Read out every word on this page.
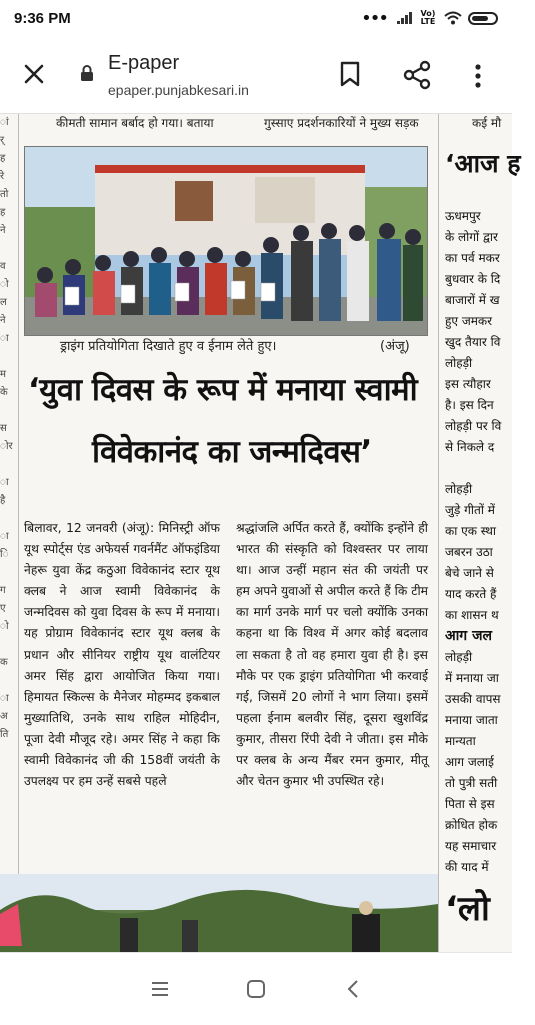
9:36 PM	•••	Vo) LTE
E-paper
epaper.punjabkesari.in
ां
र्
ह
रे
तो
ह
ने
व
ो
ल
ने
ा
म
के
स
ोर
ा
है
ा
ि
ग
ए
ो
क
ा
अ
ति
कीमती सामान बर्बाद हो गया। बताया	गुस्साए प्रदर्शनकारियों ने मुख्य सड़क	कई मौ
ड्राइंग प्रतियोगिता दिखाते हुए व ईनाम लेते हुए।	(अंजू)
‘युवा दिवस के रूप में मनाया स्वामी
विवेकानंद का जन्मदिवस’

बिलावर, 12 जनवरी (अंजू): मिनिस्ट्री ऑफ यूथ स्पोर्ट्स एंड अफेयर्स गवर्नमैंट ऑफइंडिया नेहरू युवा केंद्र कठुआ विवेकानंद स्टार यूथ क्लब ने आज स्वामी विवेकानंद के जन्मदिवस को युवा दिवस के रूप में मनाया। यह प्रोग्राम विवेकानंद स्टार यूथ क्लब के प्रधान और सीनियर राष्ट्रीय यूथ वालंटियर अमर सिंह द्वारा आयोजित किया गया। हिमायत स्किल्स के मैनेजर मोहम्मद इकबाल मुख्यातिथि, उनके साथ राहिल मोहिदीन, पूजा देवी मौजूद रहे। अमर सिंह ने कहा कि स्वामी विवेकानंद जी की 158वीं जयंती के उपलक्ष्य पर हम उन्हें सबसे पहले

श्रद्धांजलि अर्पित करते हैं, क्योंकि इन्होंने ही भारत की संस्कृति को विश्वस्तर पर लाया था। आज उन्हीं महान संत की जयंती पर हम अपने युवाओं से अपील करते हैं कि टीम का मार्ग उनके मार्ग पर चलो क्योंकि उनका कहना था कि विश्व में अगर कोई बदलाव ला सकता है तो वह हमारा युवा ही है। इस मौके पर एक ड्राइंग प्रतियोगिता भी करवाई गई, जिसमें 20 लोगों ने भाग लिया। इसमें पहला ईनाम बलवीर सिंह, दूसरा खुशविंद्र कुमार, तीसरा रिंपी देवी ने जीता। इस मौके पर क्लब के अन्य मैंबर रमन कुमार, मीतू और चेतन कुमार भी उपस्थित रहे।

‘आज ह
ऊधमपुर
के लोगों द्वार
का पर्व मकर
बुधवार के दि
बाजारों में ख
हुए जमकर
खुद तैयार वि
लोहड़ी
इस त्यौहार
है। इस दिन
लोहड़ी पर वि
से निकले द
लोहड़ी
जुड़े गीतों में
का एक स्था
जबरन उठा
बेचे जाने से
याद करते हैं
का शासन थ
आग जल
लोहड़ी
में मनाया जा
उसकी वापस
मनाया जाता
मान्यता
आग जलाई
तो पुत्री सती
पिता से इस
क्रोधित होक
यह समाचार
की याद में
‘लो
